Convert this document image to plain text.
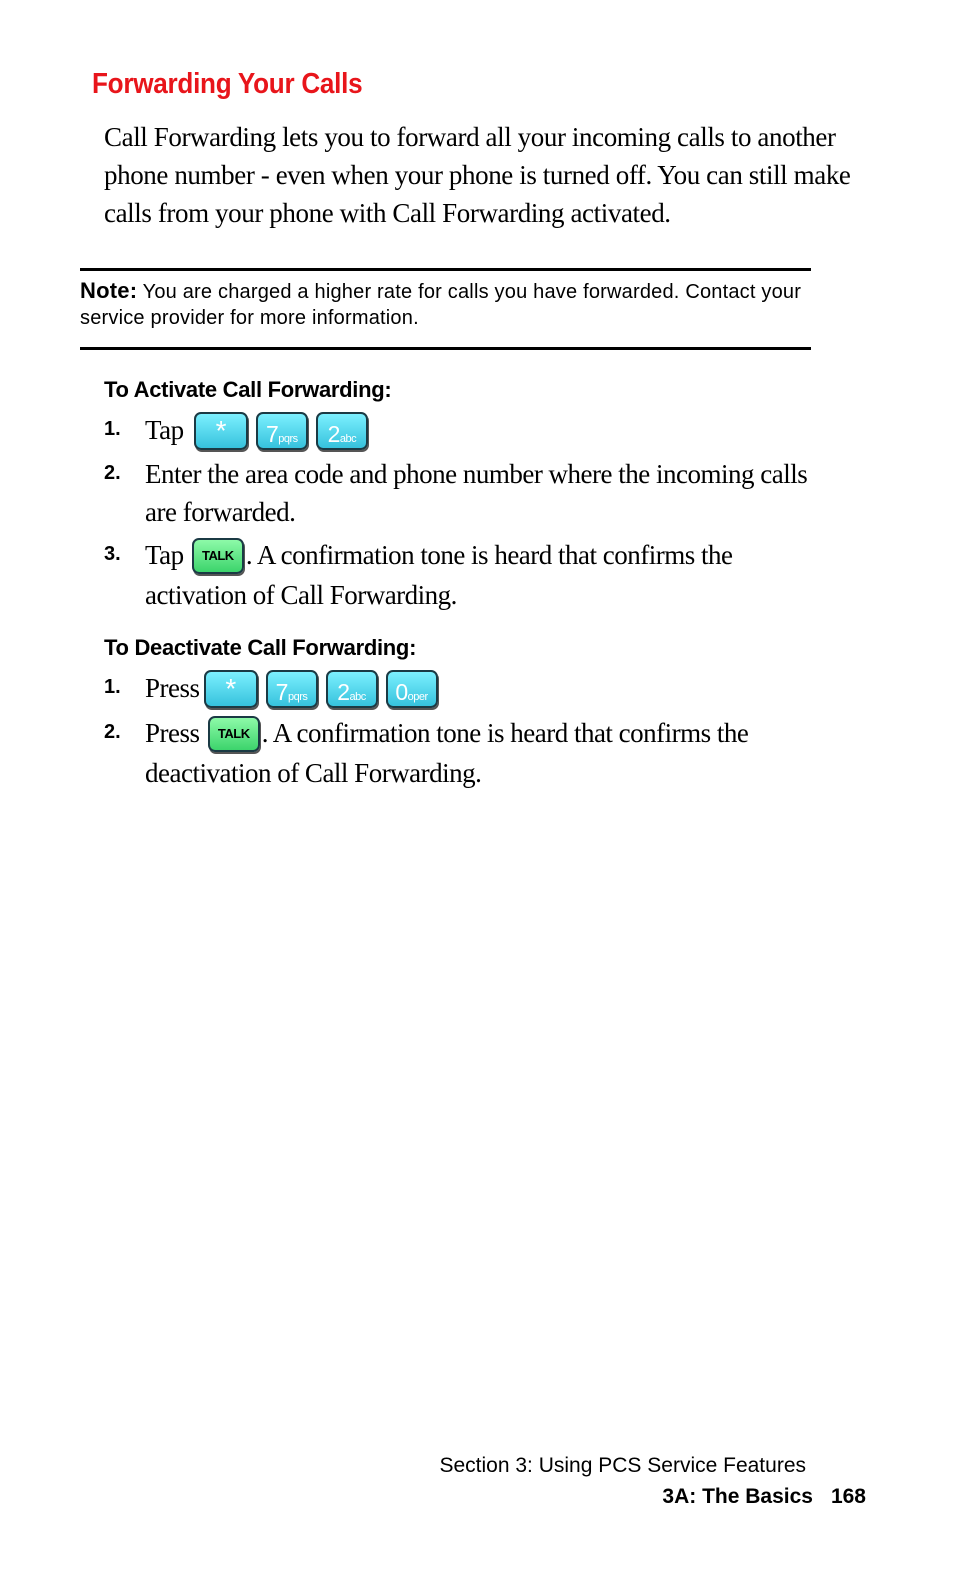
Forwarding Your Calls
Call Forwarding lets you to forward all your incoming calls to another phone number - even when your phone is turned off. You can still make calls from your phone with Call Forwarding activated.
Note: You are charged a higher rate for calls you have forwarded. Contact your service provider for more information.
To Activate Call Forwarding:
1. Tap * 7pqrs 2abc
2. Enter the area code and phone number where the incoming calls are forwarded.
3. Tap TALK . A confirmation tone is heard that confirms the activation of Call Forwarding.
To Deactivate Call Forwarding:
1. Press * 7pqrs 2abc 0oper
2. Press TALK . A confirmation tone is heard that confirms the deactivation of Call Forwarding.
Section 3: Using PCS Service Features
3A: The Basics 168
